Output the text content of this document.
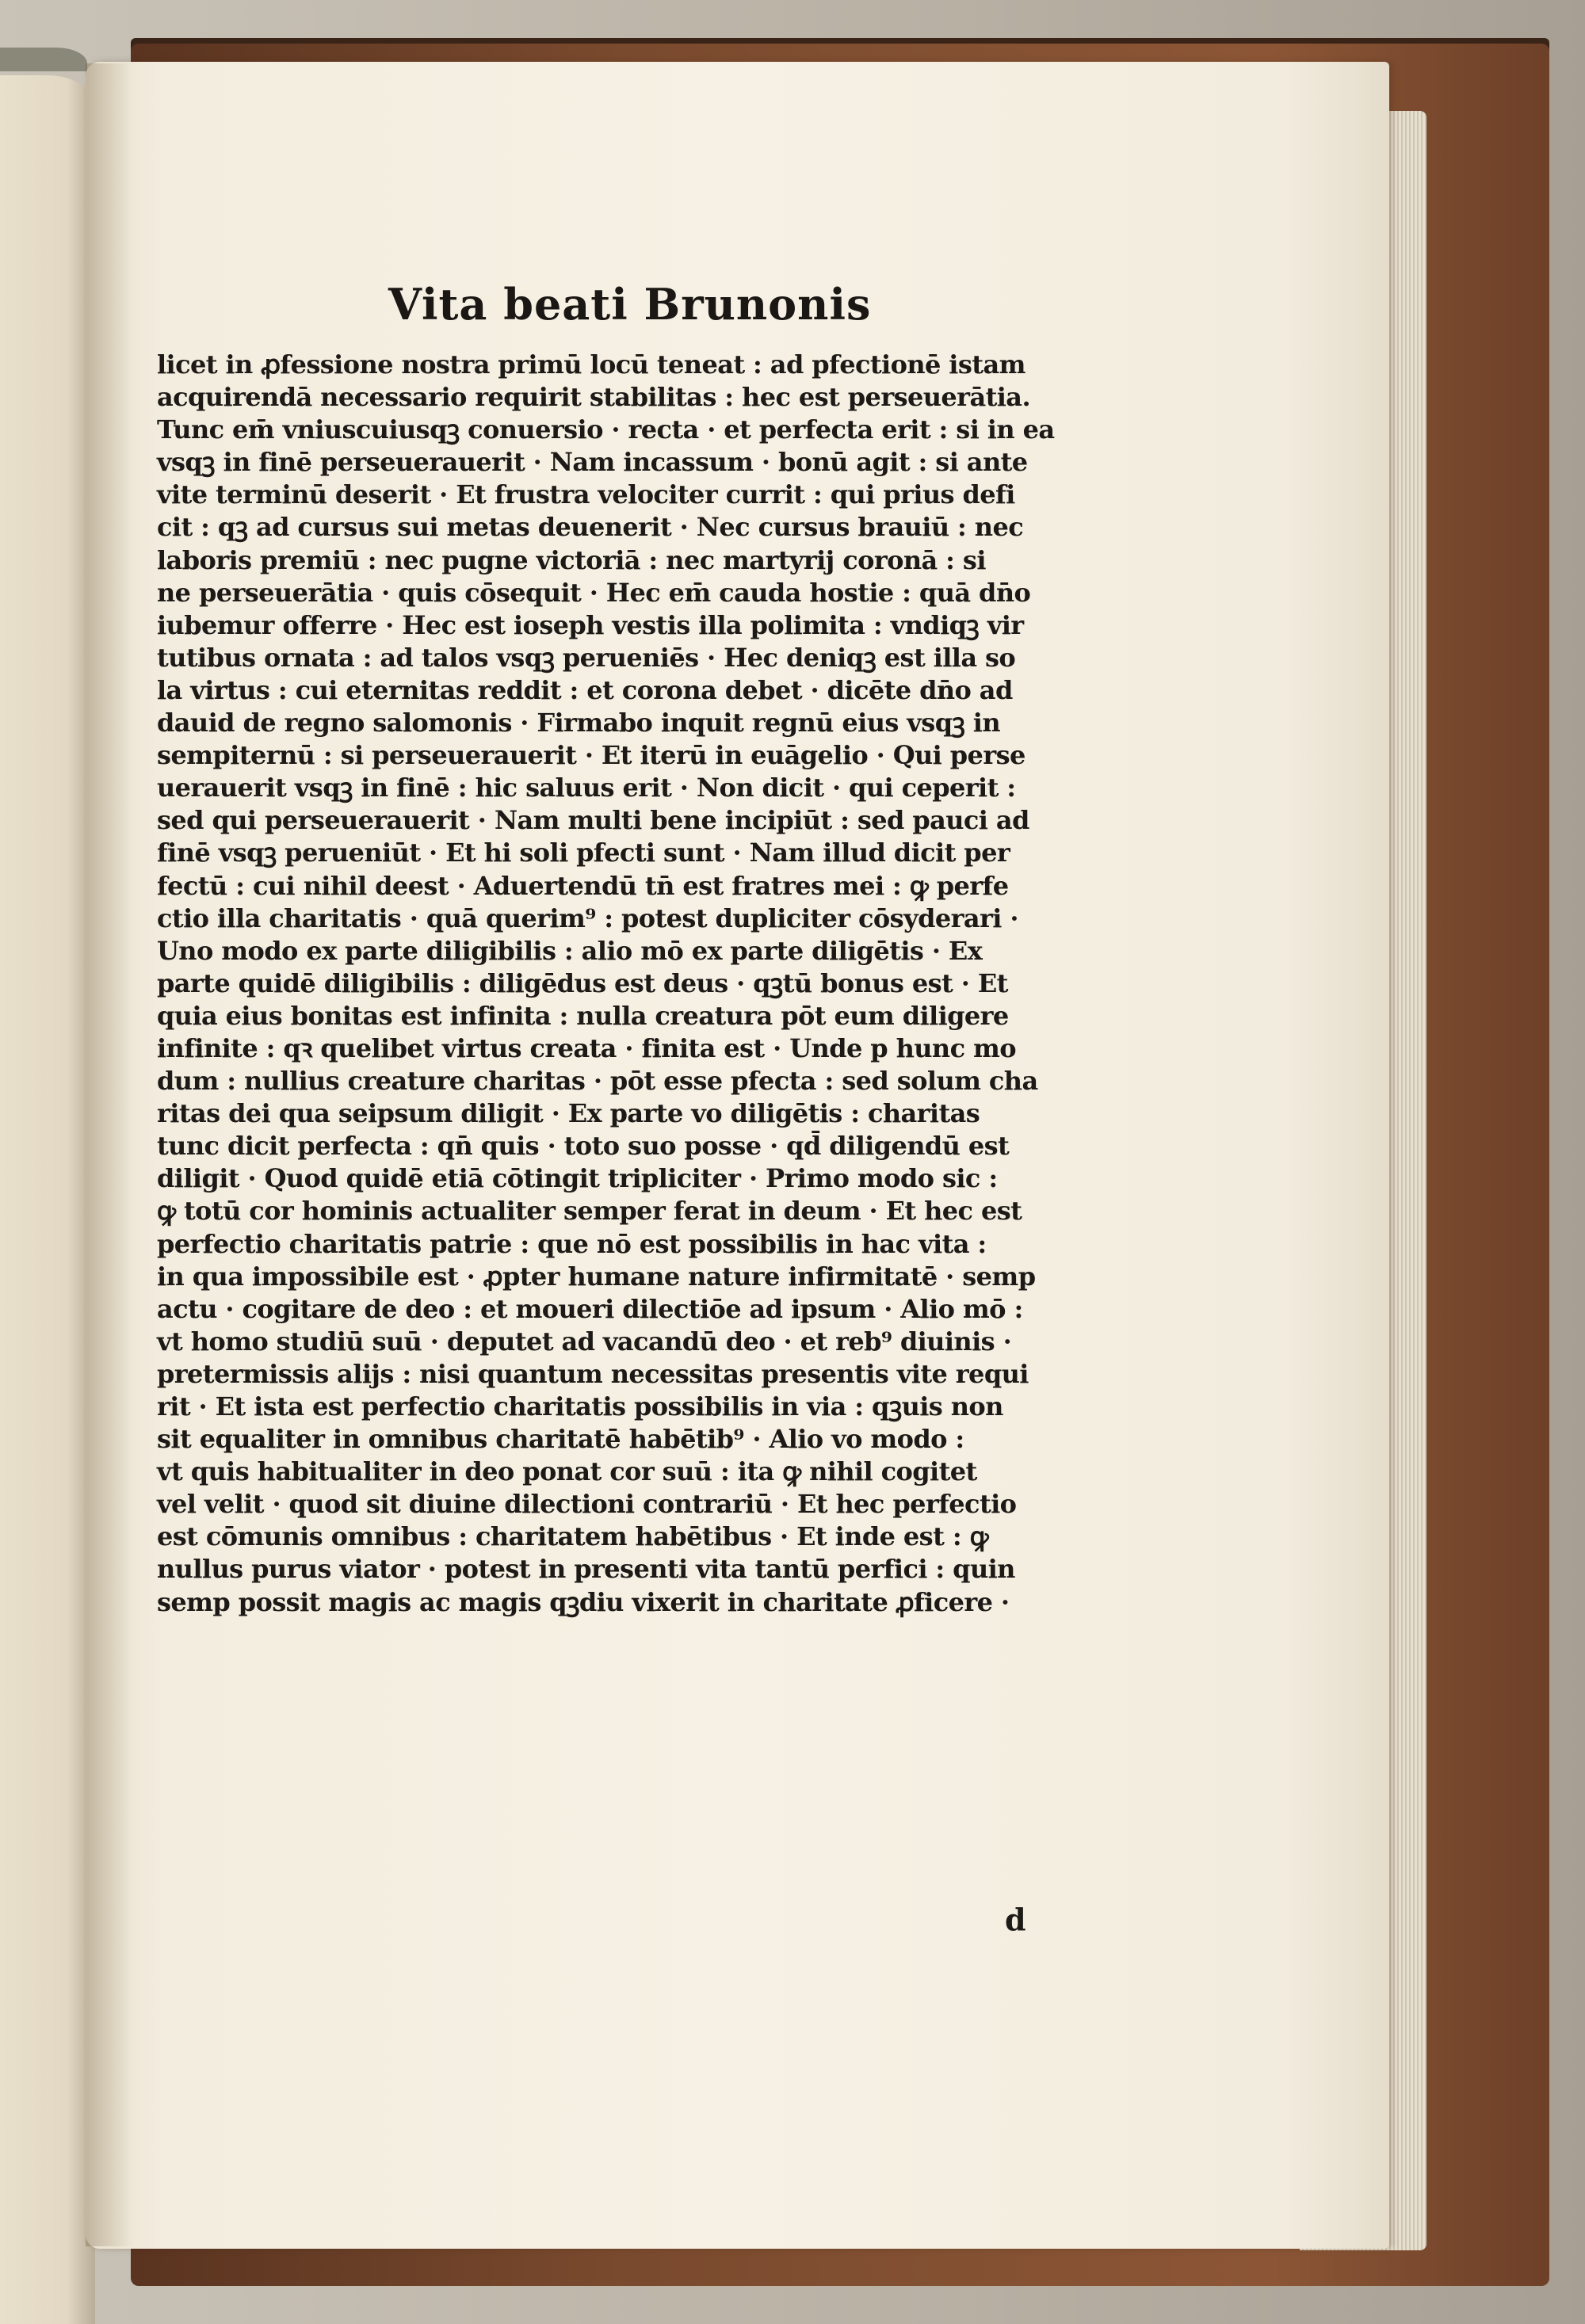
Vita beati Brunonis
licet in ꝓfessione nostra primū locū teneat : ad pfectionē istam
acquirendā necessario requirit stabilitas : hec est perseuerātia.
Tunc em̄ vniuscuiusqꝫ conuersio · recta · et perfecta erit : si in ea
vsqꝫ in finē perseuerauerit · Nam incassum · bonū agit : si ante
vite terminū deserit · Et frustra velociter currit : qui prius defi
cit : qꝫ ad cursus sui metas deuenerit · Nec cursus brauiū : nec
laboris premiū : nec pugne victoriā : nec martyrij coronā : si
ne perseuerātia · quis cōsequit · Hec em̄ cauda hostie : quā dn̄o
iubemur offerre · Hec est ioseph vestis illa polimita : vndiqꝫ vir
tutibus ornata : ad talos vsqꝫ perueniēs · Hec deniqꝫ est illa so
la virtus : cui eternitas reddit : et corona debet · dicēte dn̄o ad
dauid de regno salomonis · Firmabo inquit regnū eius vsqꝫ in
sempiternū : si perseuerauerit · Et iterū in euāgelio · Qui perse
uerauerit vsqꝫ in finē : hic saluus erit · Non dicit · qui ceperit :
sed qui perseuerauerit · Nam multi bene incipiūt : sed pauci ad
finē vsqꝫ perueniūt · Et hi soli pfecti sunt · Nam illud dicit per
fectū : cui nihil deest · Aduertendū tn̄ est fratres mei : ꝙ perfe
ctio illa charitatis · quā querim⁹ : potest dupliciter cōsyderari ·
Uno modo ex parte diligibilis : alio mō ex parte diligētis · Ex
parte quidē diligibilis : diligēdus est deus · qꝫtū bonus est · Et
quia eius bonitas est infinita : nulla creatura pōt eum diligere
infinite : qꝛ quelibet virtus creata · finita est · Unde p hunc mo
dum : nullius creature charitas · pōt esse pfecta : sed solum cha
ritas dei qua seipsum diligit · Ex parte vo diligētis : charitas
tunc dicit perfecta : qn̄ quis · toto suo posse · qd̄ diligendū est
diligit · Quod quidē etiā cōtingit tripliciter · Primo modo sic :
ꝙ totū cor hominis actualiter semper ferat in deum · Et hec est
perfectio charitatis patrie : que nō est possibilis in hac vita :
in qua impossibile est · ꝓpter humane nature infirmitatē · semp
actu · cogitare de deo : et moueri dilectiōe ad ipsum · Alio mō :
vt homo studiū suū · deputet ad vacandū deo · et reb⁹ diuinis ·
pretermissis alijs : nisi quantum necessitas presentis vite requi
rit · Et ista est perfectio charitatis possibilis in via : qꝫuis non
sit equaliter in omnibus charitatē habētib⁹ · Alio vo modo :
vt quis habitualiter in deo ponat cor suū : ita ꝙ nihil cogitet
vel velit · quod sit diuine dilectioni contrariū · Et hec perfectio
est cōmunis omnibus : charitatem habētibus · Et inde est : ꝙ
nullus purus viator · potest in presenti vita tantū perfici : quin
semp possit magis ac magis qꝫdiu vixerit in charitate ꝓficere ·
d
